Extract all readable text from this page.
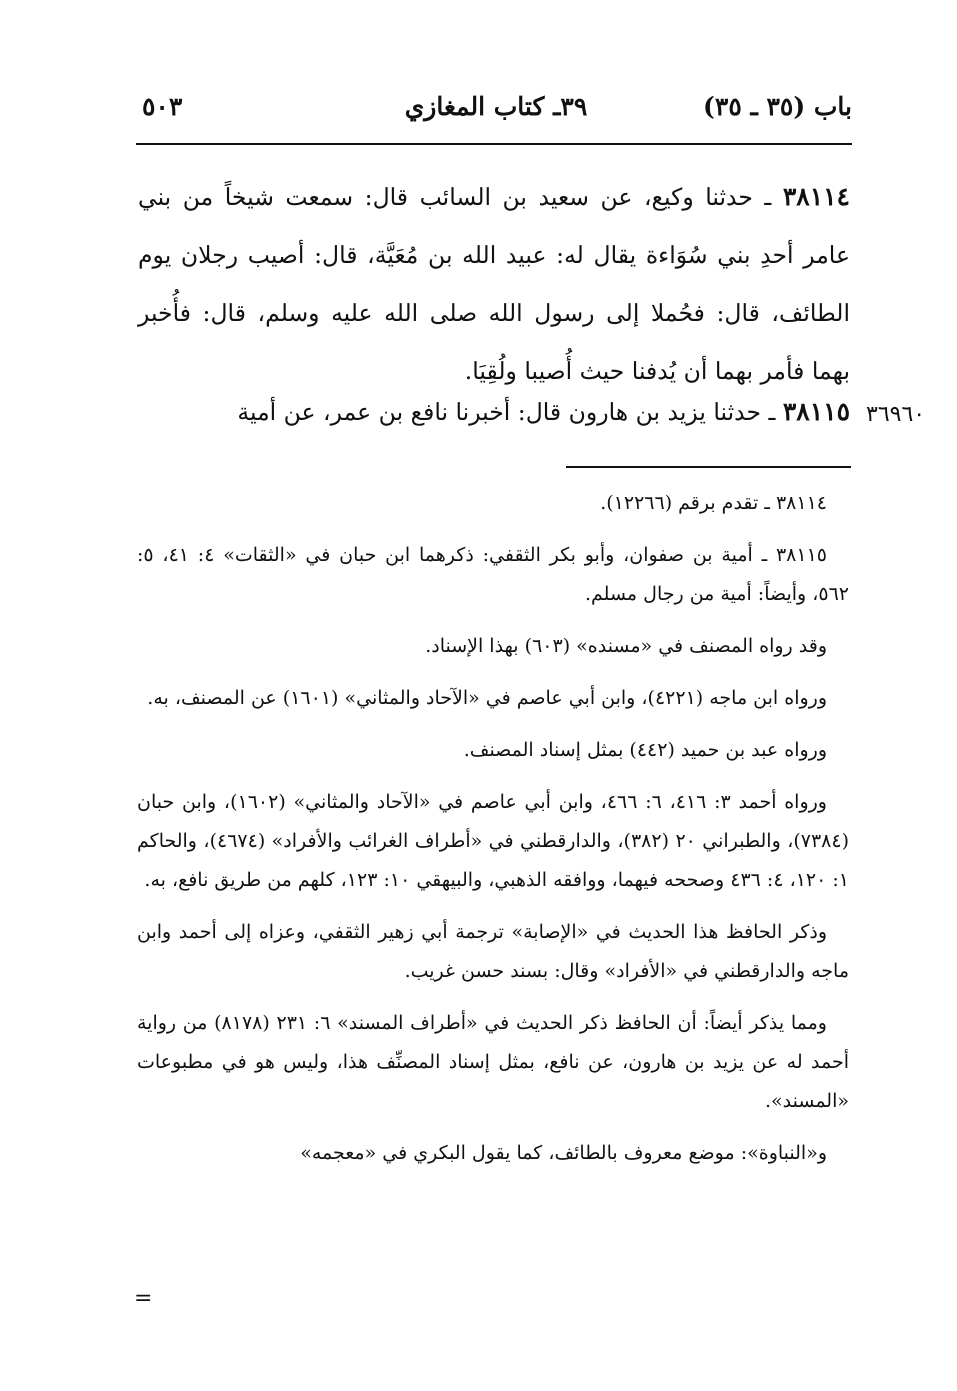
باب (٣٥ ـ ٣٥)
٣٩ـ كتاب المغازي
٥٠٣

٣٨١١٤ ـ حدثنا وكيع، عن سعيد بن السائب قال: سمعت شيخاً من بني عامر أحدِ بني سُوَاءة يقال له: عبيد الله بن مُعَيَّة، قال: أصيب رجلان يوم الطائف، قال: فحُملا إلى رسول الله صلى الله عليه وسلم، قال: فأُخبر بهما فأمر بهما أن يُدفنا حيث أُصيبا ولُقِيَا.

٣٨١١٥ ـ حدثنا يزيد بن هارون قال: أخبرنا نافع بن عمر، عن أمية	٣٦٩٦٠

٣٨١١٤ ـ تقدم برقم (١٢٢٦٦).

٣٨١١٥ ـ أمية بن صفوان، وأبو بكر الثقفي: ذكرهما ابن حبان في «الثقات» ٤: ٤١، ٥: ٥٦٢، وأيضاً: أمية من رجال مسلم.

وقد رواه المصنف في «مسنده» (٦٠٣) بهذا الإسناد.

ورواه ابن ماجه (٤٢٢١)، وابن أبي عاصم في «الآحاد والمثاني» (١٦٠١) عن المصنف، به.

ورواه عبد بن حميد (٤٤٢) بمثل إسناد المصنف.

ورواه أحمد ٣: ٤١٦، ٦: ٤٦٦، وابن أبي عاصم في «الآحاد والمثاني» (١٦٠٢)، وابن حبان (٧٣٨٤)، والطبراني ٢٠ (٣٨٢)، والدارقطني في «أطراف الغرائب والأفراد» (٤٦٧٤)، والحاكم ١: ١٢٠، ٤: ٤٣٦ وصححه فيهما، ووافقه الذهبي، والبيهقي ١٠: ١٢٣، كلهم من طريق نافع، به.

وذكر الحافظ هذا الحديث في «الإصابة» ترجمة أبي زهير الثقفي، وعزاه إلى أحمد وابن ماجه والدارقطني في «الأفراد» وقال: بسند حسن غريب.

ومما يذكر أيضاً: أن الحافظ ذكر الحديث في «أطراف المسند» ٦: ٢٣١ (٨١٧٨) من رواية أحمد له عن يزيد بن هارون، عن نافع، بمثل إسناد المصنِّف هذا، وليس هو في مطبوعات «المسند».

و«النباوة»: موضع معروف بالطائف، كما يقول البكري في «معجمه»

=
